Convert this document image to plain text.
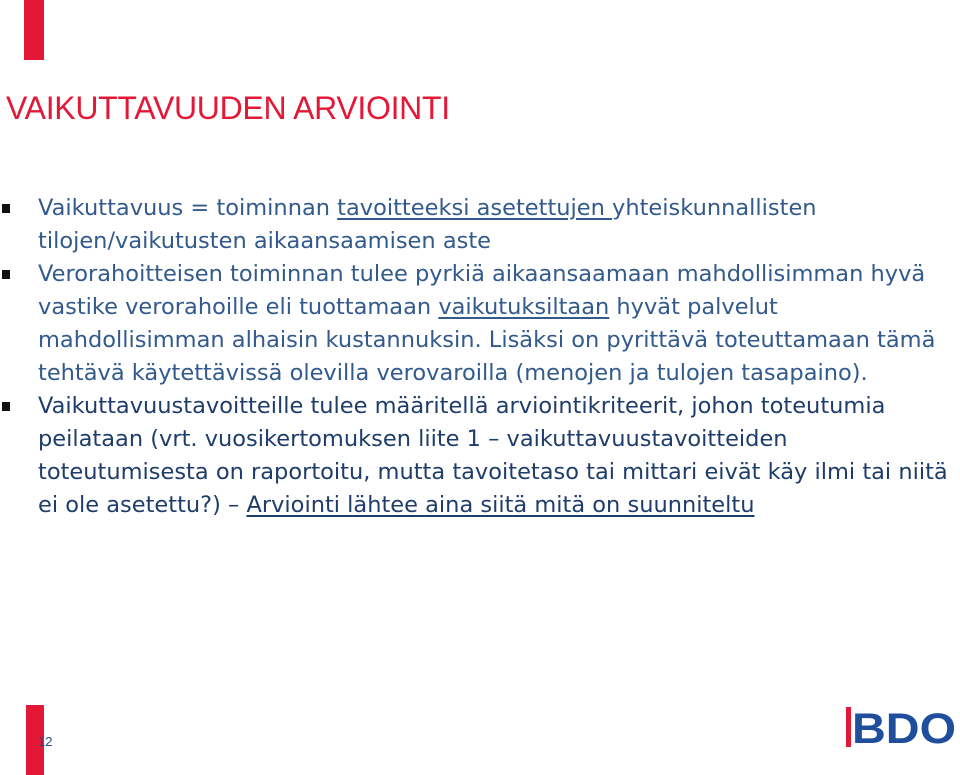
VAIKUTTAVUUDEN ARVIOINTI
Vaikuttavuus = toiminnan tavoitteeksi asetettujen yhteiskunnallisten tilojen/vaikutusten aikaansaamisen aste
Verorahoitteisen toiminnan tulee pyrkiä aikaansaamaan mahdollisimman hyvä vastike verorahoille eli tuottamaan vaikutuksiltaan hyvät palvelut mahdollisimman alhaisin kustannuksin. Lisäksi on pyrittävä toteuttamaan tämä tehtävä käytettävissä olevilla verovaroilla (menojen ja tulojen tasapaino).
Vaikuttavuustavoitteille tulee määritellä arviointikriteerit, johon toteutumia peilataan (vrt. vuosikertomuksen liite 1 – vaikuttavuustavoitteiden toteutumisesta on raportoitu, mutta tavoitetaso tai mittari eivät käy ilmi tai niitä ei ole asetettu?) – Arviointi lähtee aina siitä mitä on suunniteltu
12	BDO
